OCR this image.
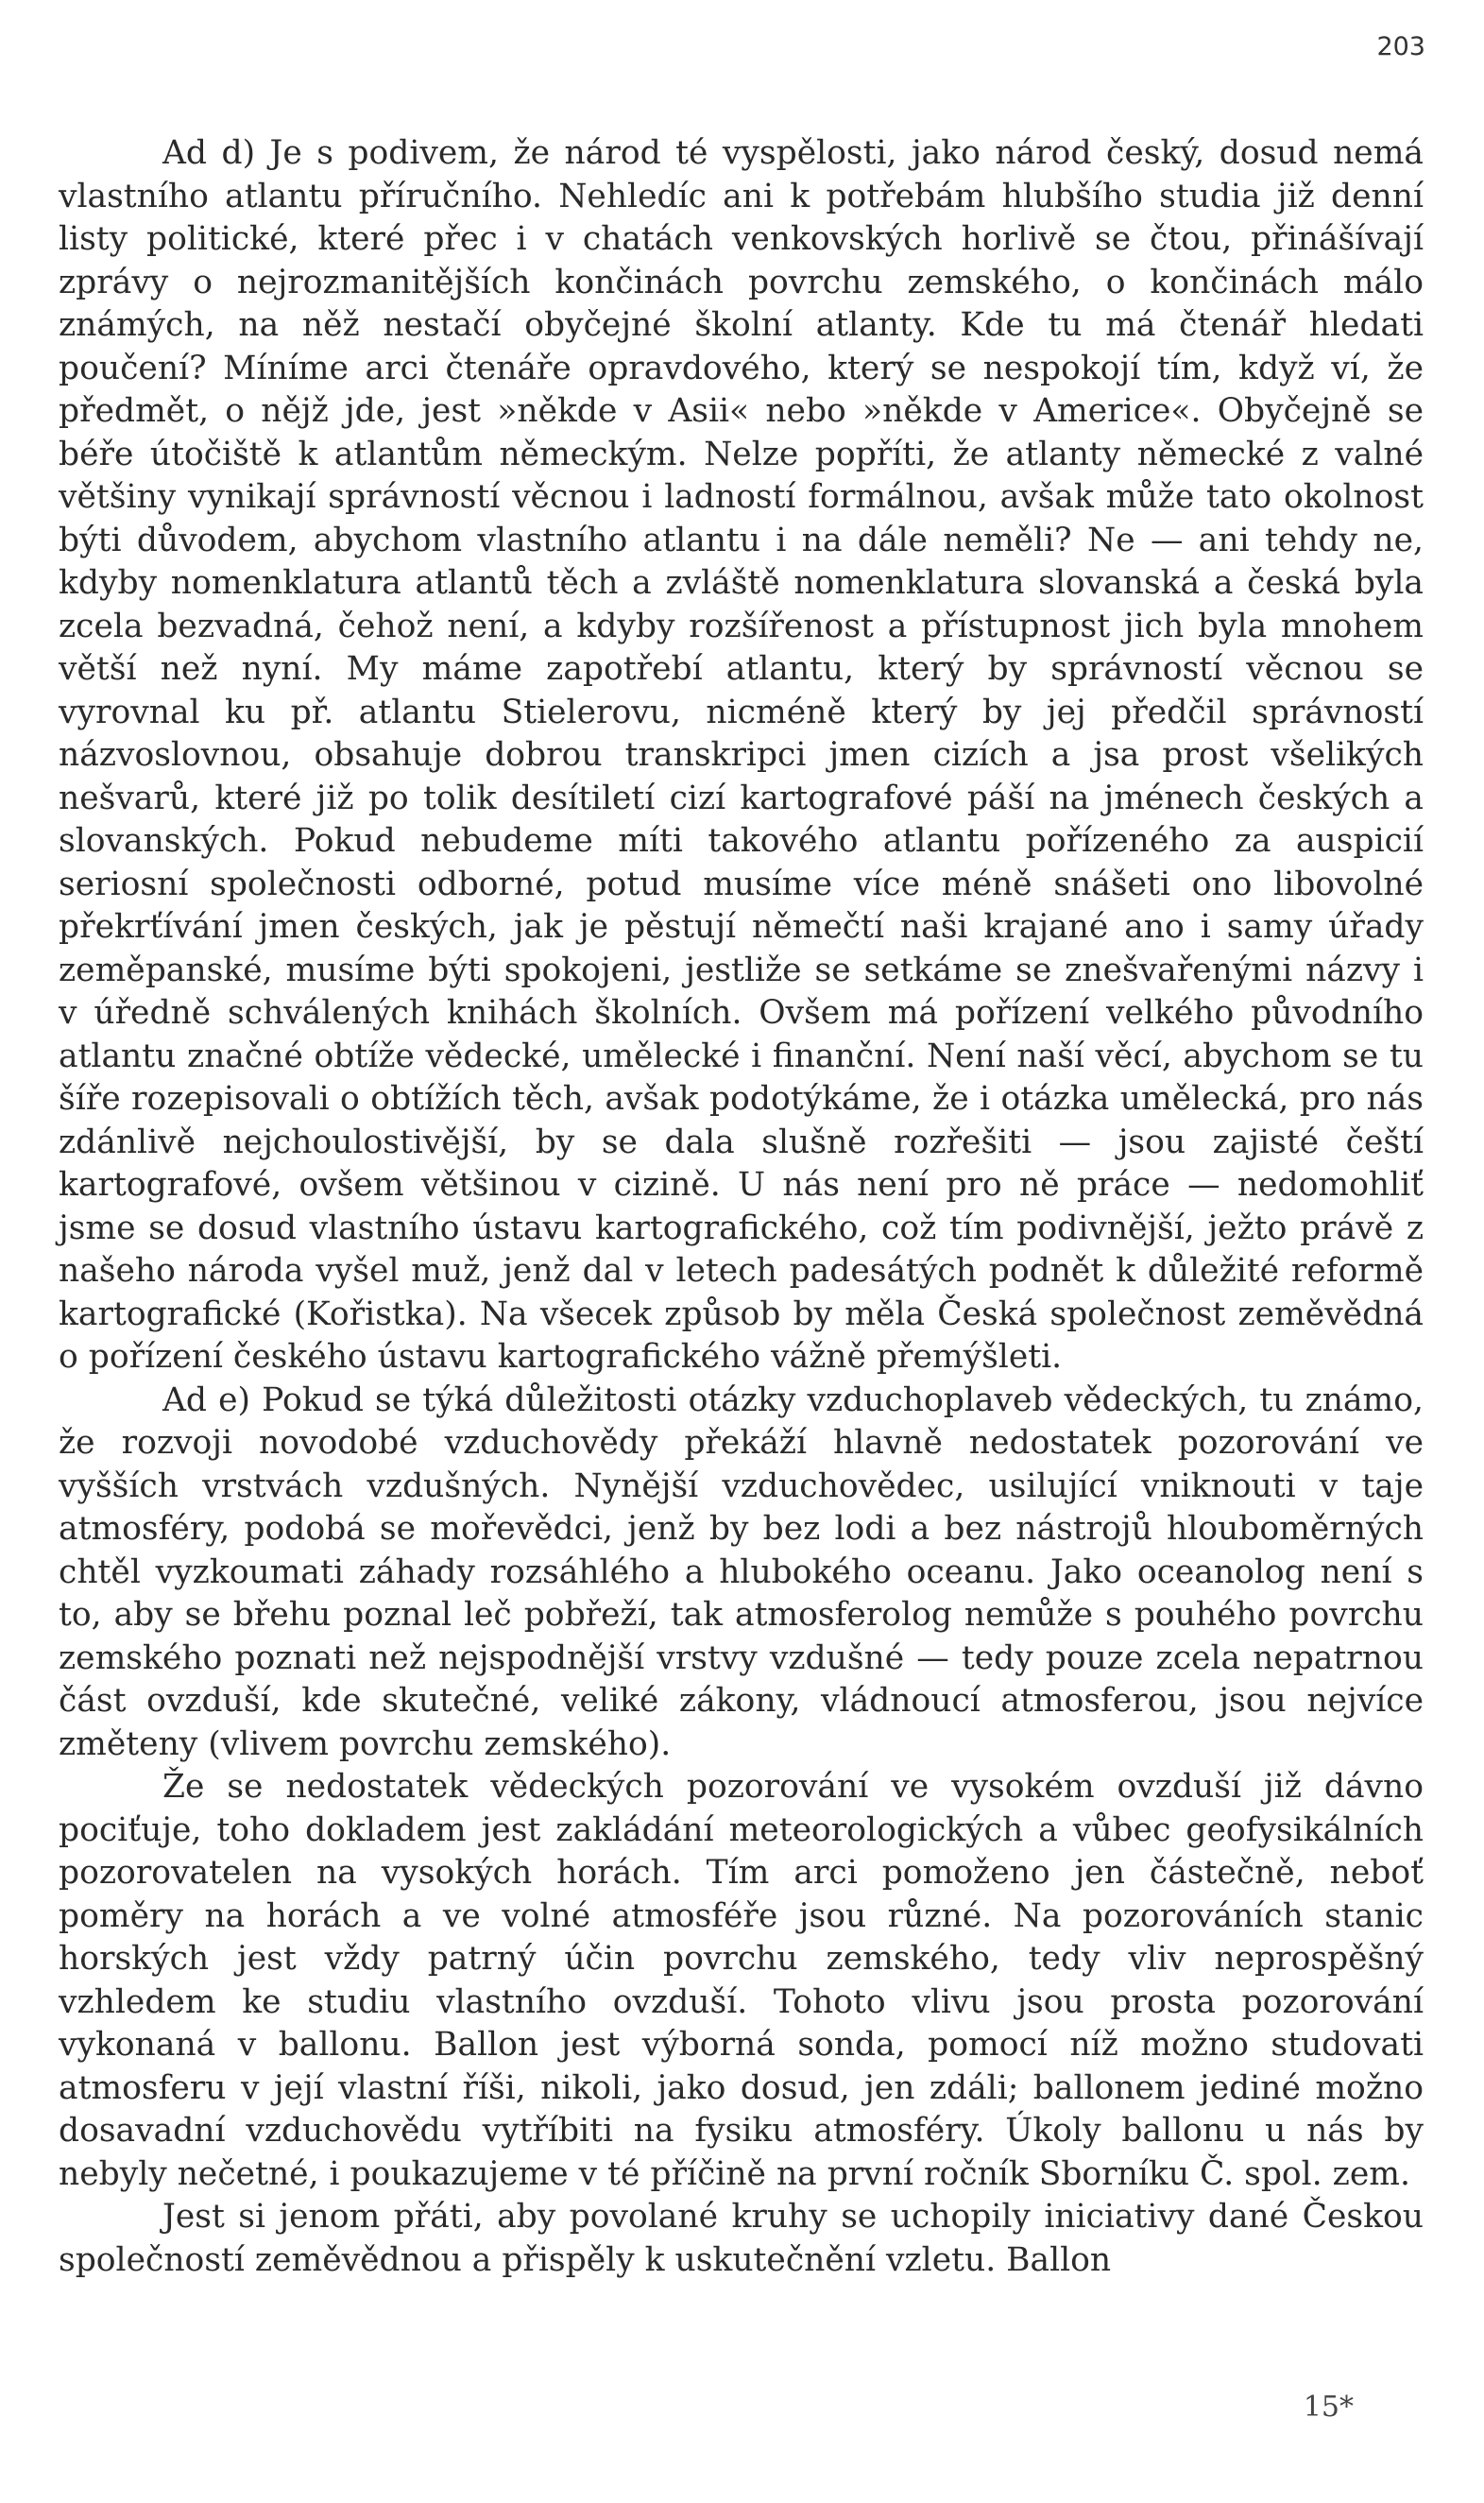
203

Ad d) Je s podivem, že národ té vyspělosti, jako národ český, dosud nemá vlastního atlantu příručního. Nehledíc ani k potřebám hlubšího studia již denní listy politické, které přec i v chatách venkovských horlivě se čtou, přinášívají zprávy o nejrozmanitějších končinách povrchu zemského, o končinách málo známých, na něž nestačí obyčejné školní atlanty. Kde tu má čtenář hledati poučení? Míníme arci čtenáře opravdového, který se nespokojí tím, když ví, že předmět, o nějž jde, jest »někde v Asii« nebo »někde v Americe«. Obyčejně se béře útočiště k atlantům německým. Nelze popříti, že atlanty německé z valné většiny vynikají správností věcnou i ladností formálnou, avšak může tato okolnost býti důvodem, abychom vlastního atlantu i na dále neměli? Ne — ani tehdy ne, kdyby nomenklatura atlantů těch a zvláště nomenklatura slovanská a česká byla zcela bezvadná, čehož není, a kdyby rozšířenost a přístupnost jich byla mnohem větší než nyní. My máme zapotřebí atlantu, který by správností věcnou se vyrovnal ku př. atlantu Stielerovu, nicméně který by jej předčil správností názvoslovnou, obsahuje dobrou transkripci jmen cizích a jsa prost všelikých nešvarů, které již po tolik desítiletí cizí kartografové páší na jménech českých a slovanských. Pokud nebudeme míti takového atlantu pořízeného za auspicií seriosní společnosti odborné, potud musíme více méně snášeti ono libovolné překrťívání jmen českých, jak je pěstují němečtí naši krajané ano i samy úřady zeměpanské, musíme býti spokojeni, jestliže se setkáme se znešvařenými názvy i v úředně schválených knihách školních. Ovšem má pořízení velkého původního atlantu značné obtíže vědecké, umělecké i finanční. Není naší věcí, abychom se tu šíře rozepisovali o obtížích těch, avšak podotýkáme, že i otázka umělecká, pro nás zdánlivě nejchoulostivější, by se dala slušně rozřešiti — jsou zajisté čeští kartografové, ovšem většinou v cizině. U nás není pro ně práce — nedomohliť jsme se dosud vlastního ústavu kartografického, což tím podivnější, ježto právě z našeho národa vyšel muž, jenž dal v letech padesátých podnět k důležité reformě kartografické (Kořistka). Na všecek způsob by měla Česká společnost zeměvědná o pořízení českého ústavu kartografického vážně přemýšleti.

Ad e) Pokud se týká důležitosti otázky vzduchoplaveb vědeckých, tu známo, že rozvoji novodobé vzduchovědy překáží hlavně nedostatek pozorování ve vyšších vrstvách vzdušných. Nynější vzduchovědec, usilující vniknouti v taje atmosféry, podobá se mořevědci, jenž by bez lodi a bez nástrojů hlouboměrných chtěl vyzkoumati záhady rozsáhlého a hlubokého oceanu. Jako oceanolog není s to, aby se břehu poznal leč pobřeží, tak atmosferolog nemůže s pouhého povrchu zemského poznati než nejspodnější vrstvy vzdušné — tedy pouze zcela nepatrnou část ovzduší, kde skutečné, veliké zákony, vládnoucí atmosferou, jsou nejvíce změteny (vlivem povrchu zemského).

Že se nedostatek vědeckých pozorování ve vysokém ovzduší již dávno pociťuje, toho dokladem jest zakládání meteorologických a vůbec geofysikálních pozorovatelen na vysokých horách. Tím arci pomoženo jen částečně, neboť poměry na horách a ve volné atmosféře jsou různé. Na pozorováních stanic horských jest vždy patrný účin povrchu zemského, tedy vliv neprospěšný vzhledem ke studiu vlastního ovzduší. Tohoto vlivu jsou prosta pozorování vykonaná v ballonu. Ballon jest výborná sonda, pomocí níž možno studovati atmosferu v její vlastní říši, nikoli, jako dosud, jen zdáli; ballonem jediné možno dosavadní vzduchovědu vytříbiti na fysiku atmosféry. Úkoly ballonu u nás by nebyly nečetné, i poukazujeme v té příčině na první ročník Sborníku Č. spol. zem.

Jest si jenom přáti, aby povolané kruhy se uchopily iniciativy dané Českou společností zeměvědnou a přispěly k uskutečnění vzletu. Ballon

15*
